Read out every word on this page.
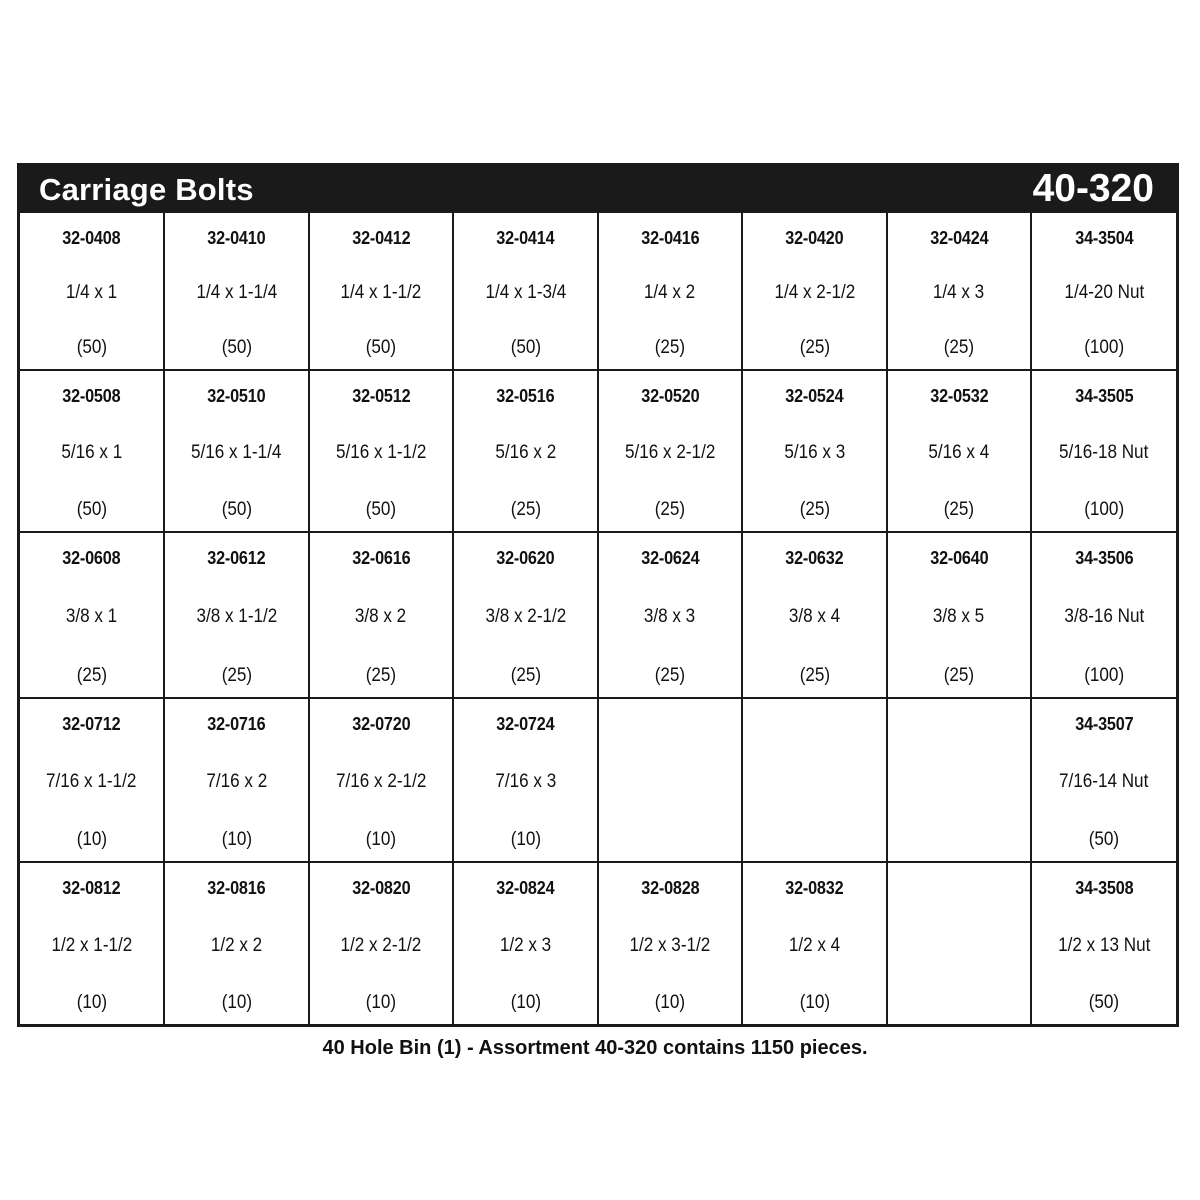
Carriage Bolts	40-320
32-0408
1/4 x 1
(50)
32-0410
1/4 x 1-1/4
(50)
32-0412
1/4 x 1-1/2
(50)
32-0414
1/4 x 1-3/4
(50)
32-0416
1/4 x 2
(25)
32-0420
1/4 x 2-1/2
(25)
32-0424
1/4 x 3
(25)
34-3504
1/4-20 Nut
(100)
32-0508
5/16 x 1
(50)
32-0510
5/16 x 1-1/4
(50)
32-0512
5/16 x 1-1/2
(50)
32-0516
5/16 x 2
(25)
32-0520
5/16 x 2-1/2
(25)
32-0524
5/16 x 3
(25)
32-0532
5/16 x 4
(25)
34-3505
5/16-18 Nut
(100)
32-0608
3/8 x 1
(25)
32-0612
3/8 x 1-1/2
(25)
32-0616
3/8 x 2
(25)
32-0620
3/8 x 2-1/2
(25)
32-0624
3/8 x 3
(25)
32-0632
3/8 x 4
(25)
32-0640
3/8 x 5
(25)
34-3506
3/8-16 Nut
(100)
32-0712
7/16 x 1-1/2
(10)
32-0716
7/16 x 2
(10)
32-0720
7/16 x 2-1/2
(10)
32-0724
7/16 x 3
(10)
34-3507
7/16-14 Nut
(50)
32-0812
1/2 x 1-1/2
(10)
32-0816
1/2 x 2
(10)
32-0820
1/2 x 2-1/2
(10)
32-0824
1/2 x 3
(10)
32-0828
1/2 x 3-1/2
(10)
32-0832
1/2 x 4
(10)
34-3508
1/2 x 13 Nut
(50)
40 Hole Bin (1) - Assortment 40-320 contains 1150 pieces.
